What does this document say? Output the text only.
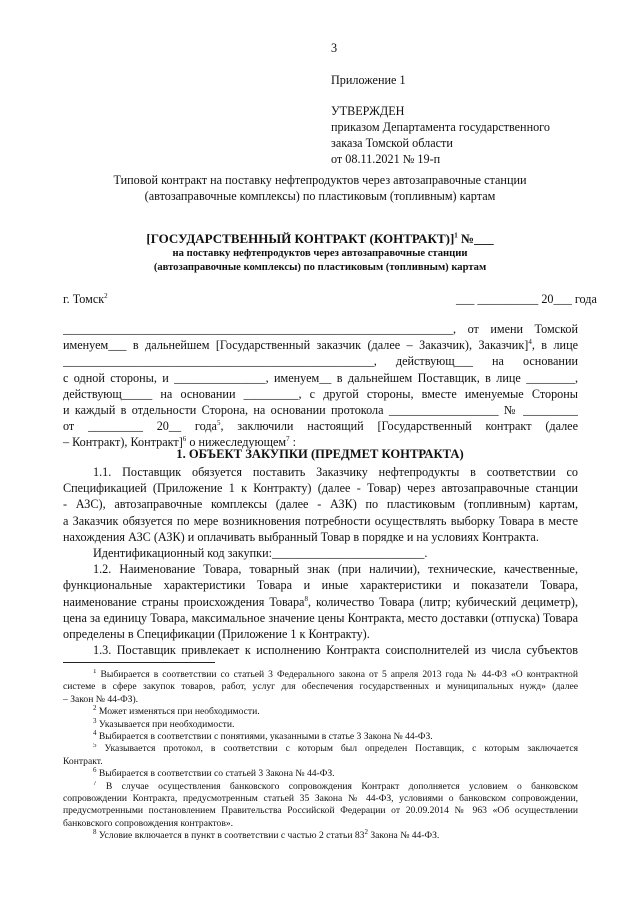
3
Приложение 1
УТВЕРЖДЕН
приказом Департамента государственного
заказа Томской области
от 08.11.2021 № 19-п
Типовой контракт на поставку нефтепродуктов через автозаправочные станции
(автозаправочные комплексы) по пластиковым (топливным) картам
[ГОСУДАРСТВЕННЫЙ КОНТРАКТ (КОНТРАКТ)]$^1$ №___
на поставку нефтепродуктов через автозаправочные станции
(автозаправочные комплексы) по пластиковым (топливным) картам
г. Томск$^2$	___ __________ 20___ года
________________________________________________________________, от имени Томской
именуем___ в дальнейшем [Государственный заказчик (далее – Заказчик), Заказчик]$^4$, в лице
___________________________________________________, действующ___ на основании
с одной стороны, и _______________, именуем__ в дальнейшем Поставщик, в лице ________,
действующ_____ на основании _________, с другой стороны, вместе именуемые Стороны
и каждый в отдельности Сторона, на основании протокола __________________ № _________
от _________ 20__ года$^5$, заключили настоящий [Государственный контракт (далее
– Контракт), Контракт]$^6$ о нижеследующем$^7$ :
1. ОБЪЕКТ ЗАКУПКИ (ПРЕДМЕТ КОНТРАКТА)
1.1. Поставщик обязуется поставить Заказчику нефтепродукты в соответствии со
Спецификацией (Приложение 1 к Контракту) (далее - Товар) через автозаправочные станции
- АЗС), автозаправочные комплексы (далее - АЗК) по пластиковым (топливным) картам,
а Заказчик обязуется по мере возникновения потребности осуществлять выборку Товара в месте
нахождения АЗС (АЗК) и оплачивать выбранный Товар в порядке и на условиях Контракта.
Идентификационный код закупки:_________________________.
1.2. Наименование Товара, товарный знак (при наличии), технические, качественные,
функциональные характеристики Товара и иные характеристики и показатели Товара,
наименование страны происхождения Товара$^8$, количество Товара (литр; кубический дециметр),
цена за единицу Товара, максимальное значение цены Контракта, место доставки (отпуска) Товара
определены в Спецификации (Приложение 1 к Контракту).
1.3. Поставщик привлекает к исполнению Контракта соисполнителей из числа субъектов
$^1$ Выбирается в соответствии со статьей 3 Федерального закона от 5 апреля 2013 года № 44-ФЗ «О контрактной
системе в сфере закупок товаров, работ, услуг для обеспечения государственных и муниципальных нужд» (далее
– Закон № 44-ФЗ).
$^2$ Может изменяться при необходимости.
$^3$ Указывается при необходимости.
$^4$ Выбирается в соответствии с понятиями, указанными в статье 3 Закона № 44-ФЗ.
$^5$ Указывается протокол, в соответствии с которым был определен Поставщик, с которым заключается
Контракт.
$^6$ Выбирается в соответствии со статьей 3 Закона № 44-ФЗ.
$^7$ В случае осуществления банковского сопровождения Контракт дополняется условием о банковском
сопровождении Контракта, предусмотренным статьей 35 Закона № 44-ФЗ, условиями о банковском сопровождении,
предусмотренными постановлением Правительства Российской Федерации от 20.09.2014 № 963 «Об осуществлении
банковского сопровождения контрактов».
$^8$ Условие включается в пункт в соответствии с частью 2 статьи $83^2$ Закона № 44-ФЗ.
